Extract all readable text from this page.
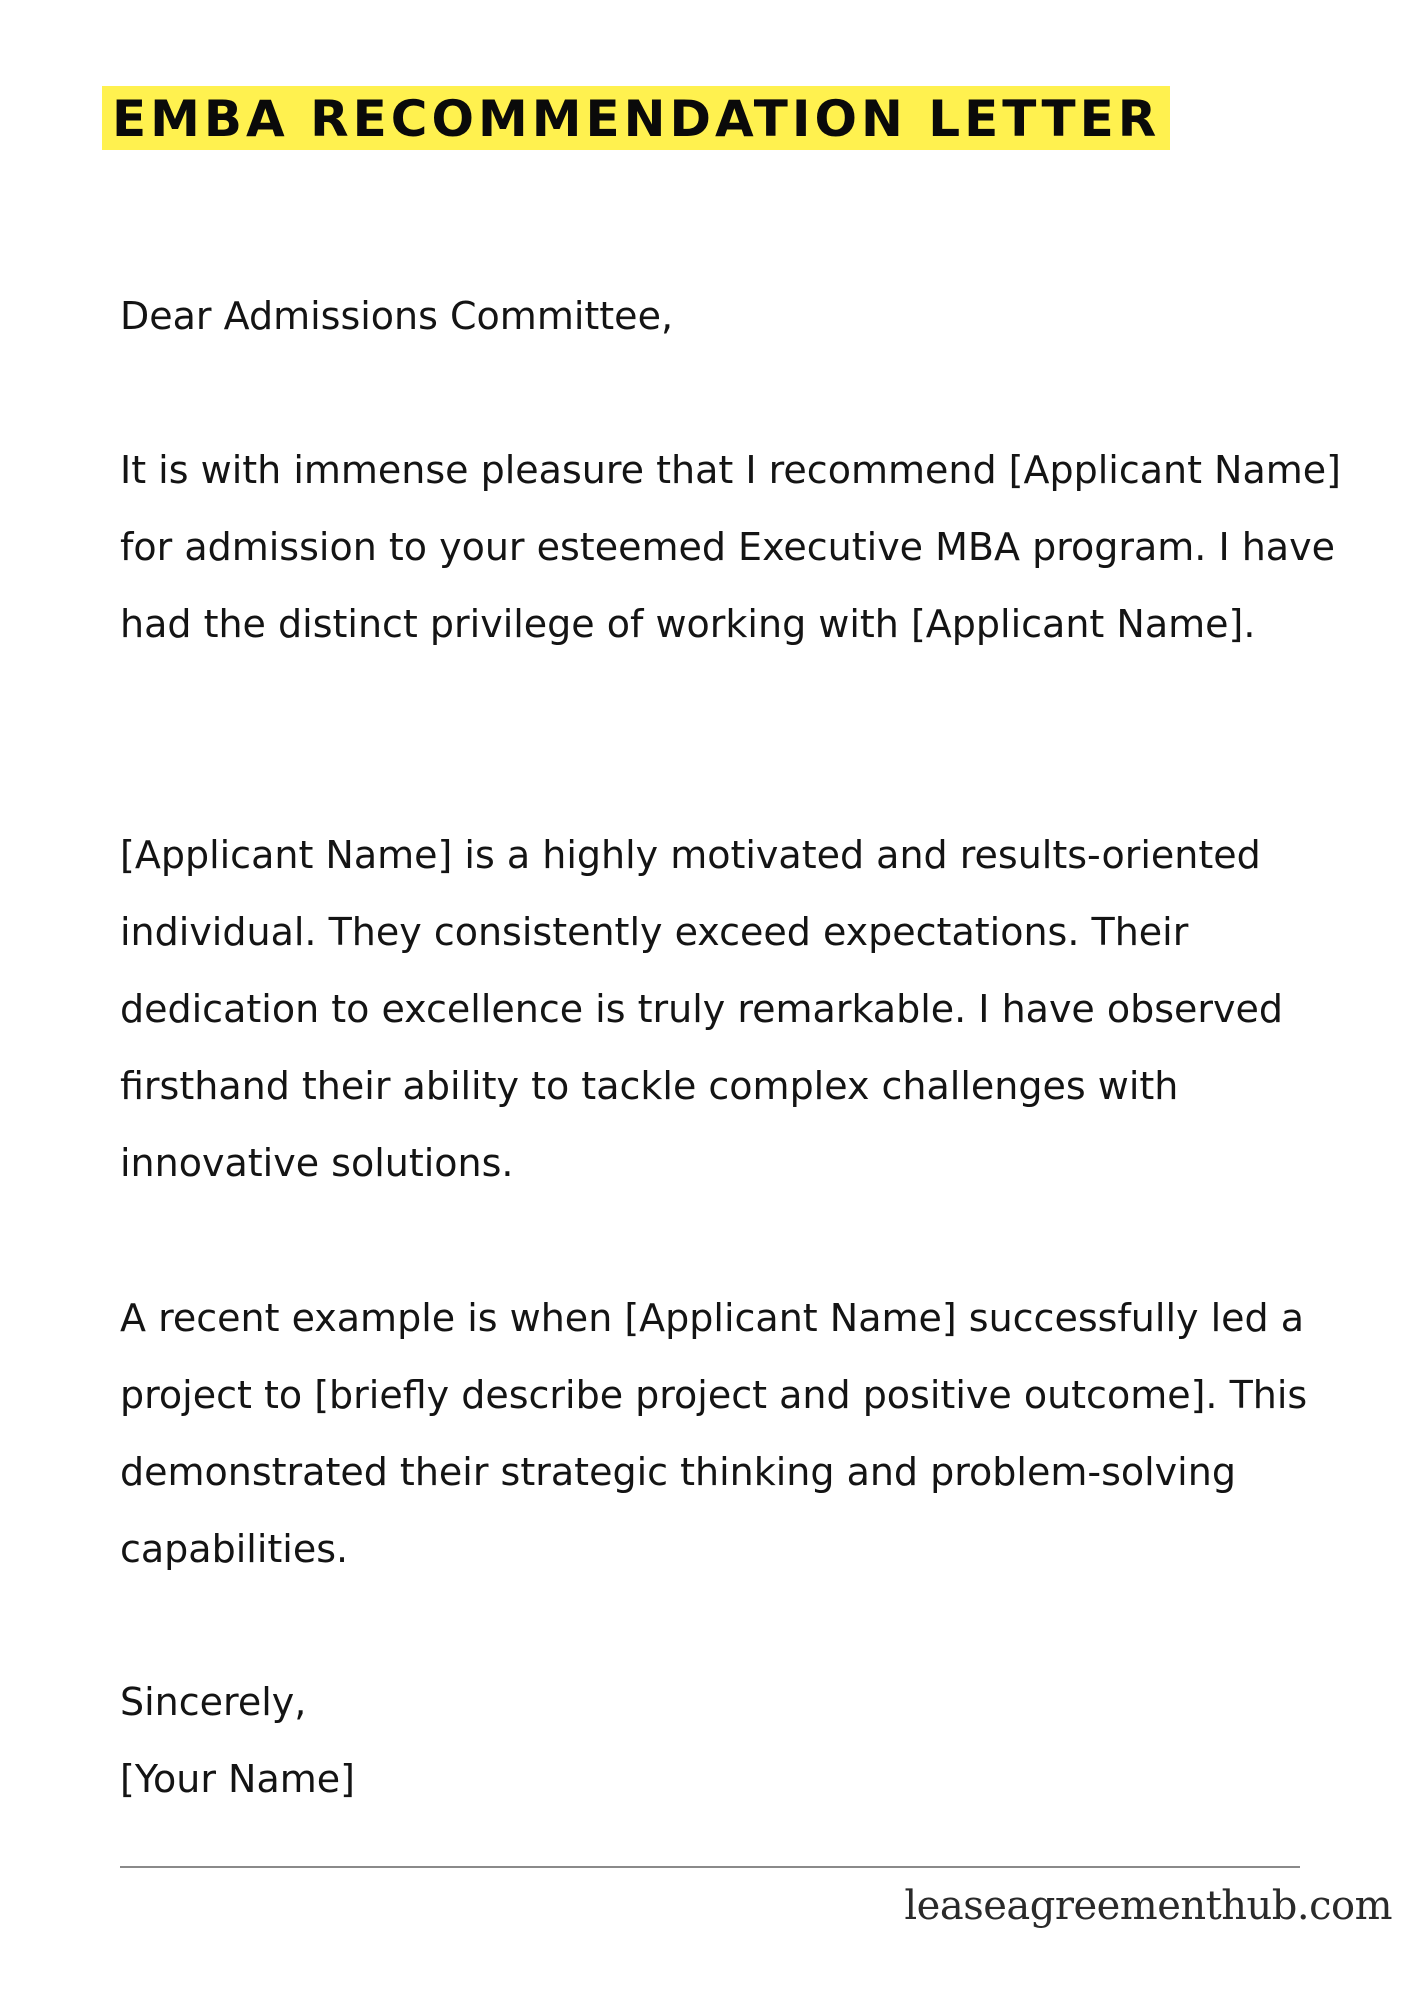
EMBA RECOMMENDATION LETTER
Dear Admissions Committee,
It is with immense pleasure that I recommend [Applicant Name] for admission to your esteemed Executive MBA program. I have had the distinct privilege of working with [Applicant Name].
[Applicant Name] is a highly motivated and results-oriented individual. They consistently exceed expectations. Their dedication to excellence is truly remarkable. I have observed firsthand their ability to tackle complex challenges with innovative solutions.
A recent example is when [Applicant Name] successfully led a project to [briefly describe project and positive outcome]. This demonstrated their strategic thinking and problem-solving capabilities.
Sincerely,
[Your Name]
leaseagreementhub.com
